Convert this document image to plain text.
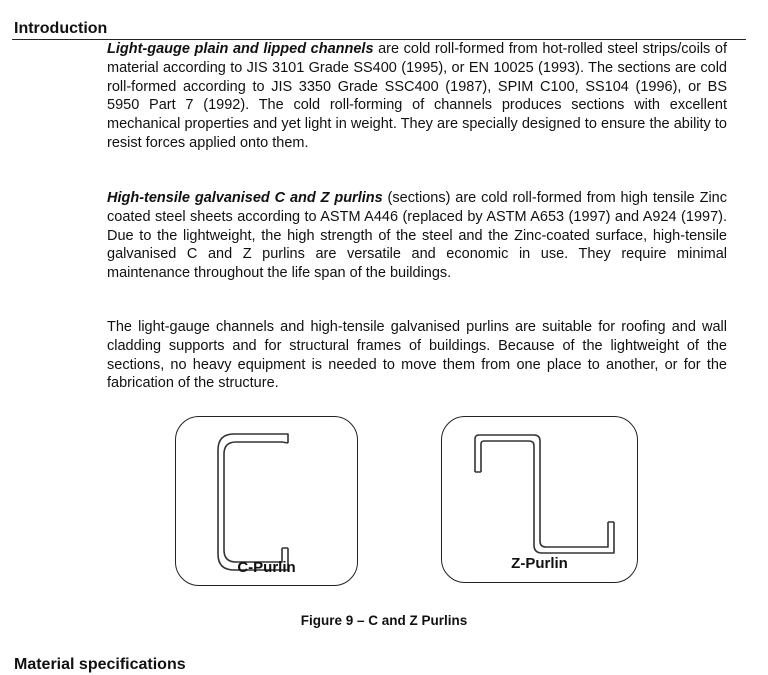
Introduction

Light-gauge plain and lipped channels are cold roll-formed from hot-rolled steel strips/coils of material according to JIS 3101 Grade SS400 (1995), or EN 10025 (1993). The sections are cold roll-formed according to JIS 3350 Grade SSC400 (1987), SPIM C100, SS104 (1996), or BS 5950 Part 7 (1992). The cold roll-forming of channels produces sections with excellent mechanical properties and yet light in weight. They are specially designed to ensure the ability to resist forces applied onto them.

High-tensile galvanised C and Z purlins (sections) are cold roll-formed from high tensile Zinc coated steel sheets according to ASTM A446 (replaced by ASTM A653 (1997) and A924 (1997). Due to the lightweight, the high strength of the steel and the Zinc-coated surface, high-tensile galvanised C and Z purlins are versatile and economic in use. They require minimal maintenance throughout the life span of the buildings.

The light-gauge channels and high-tensile galvanised purlins are suitable for roofing and wall cladding supports and for structural frames of buildings. Because of the lightweight of the sections, no heavy equipment is needed to move them from one place to another, or for the fabrication of the structure.

C-Purlin	Z-Purlin
Figure 9 – C and Z Purlins
Material specifications
